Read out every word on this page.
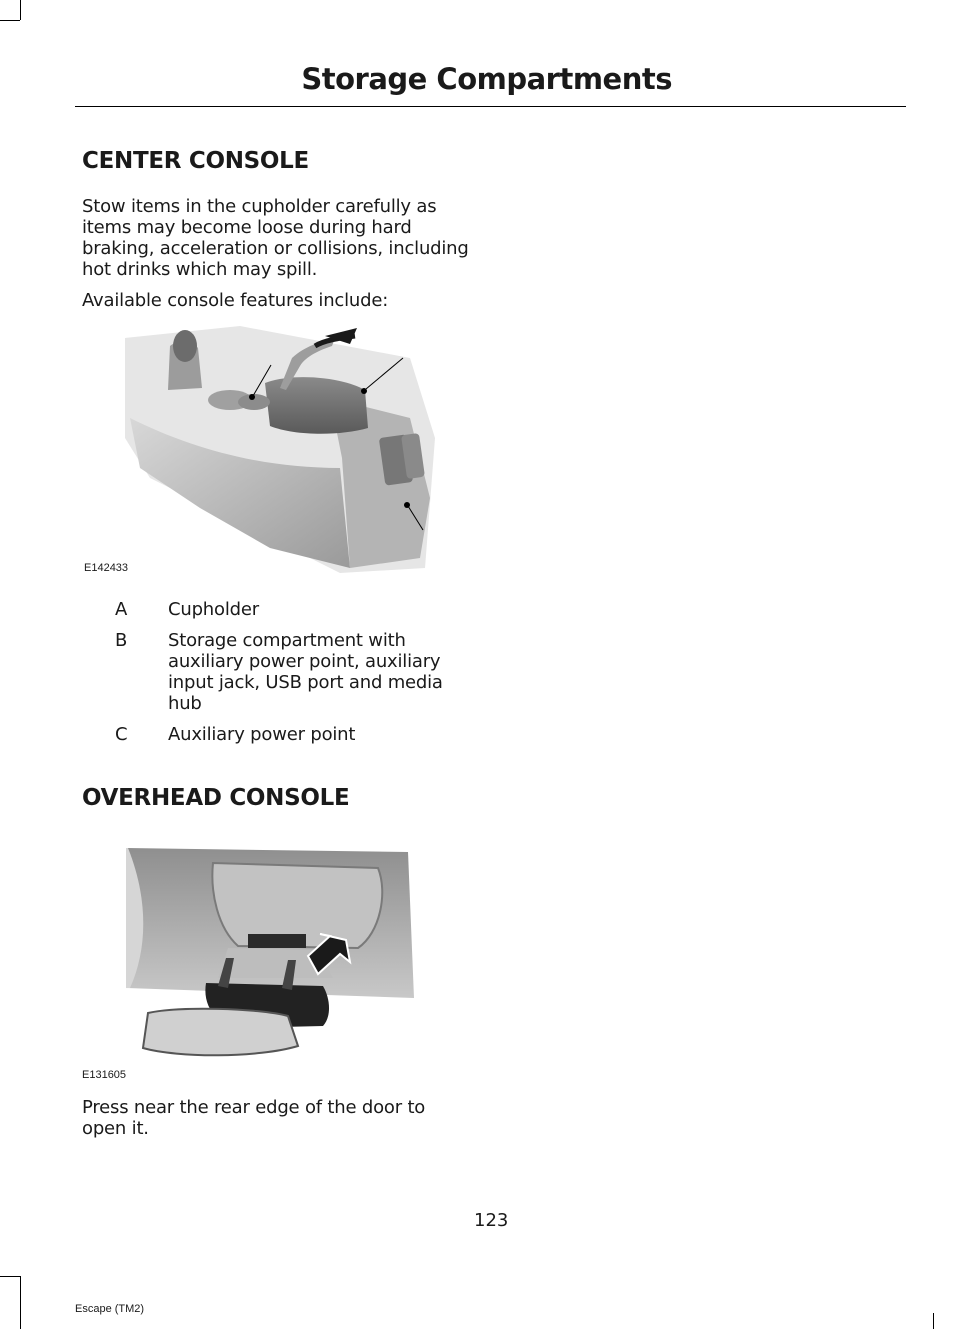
Storage Compartments
CENTER CONSOLE

Stow items in the cupholder carefully as items may become loose during hard braking, acceleration or collisions, including hot drinks which may spill.

Available console features include:

E142433
A Cupholder
B Storage compartment with auxiliary power point, auxiliary input jack, USB port and media hub
C Auxiliary power point
OVERHEAD CONSOLE
E131605

Press near the rear edge of the door to open it.

123
Escape (TM2)
